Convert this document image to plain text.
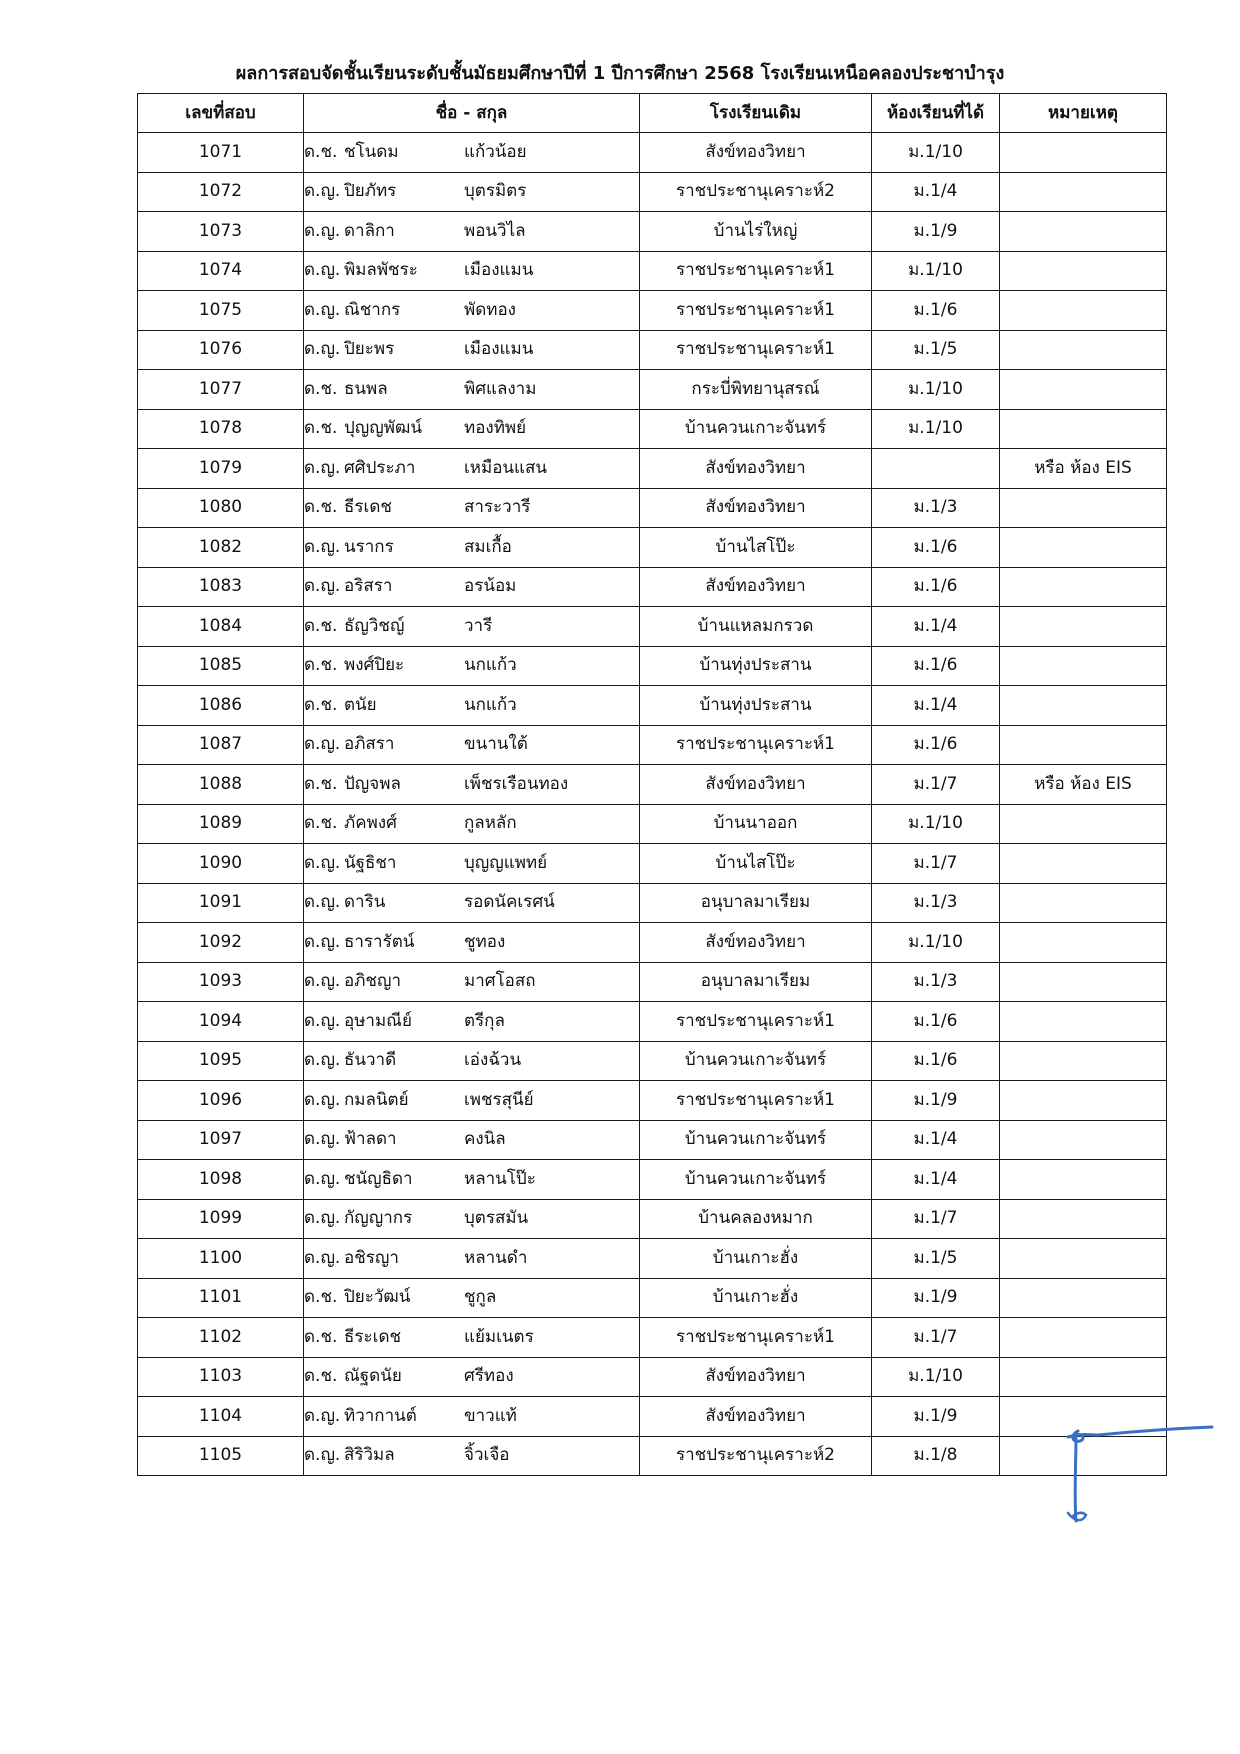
ผลการสอบจัดชั้นเรียนระดับชั้นมัธยมศึกษาปีที่ 1 ปีการศึกษา 2568 โรงเรียนเหนือคลองประชาบำรุง
เลขที่สอบ	ชื่อ - สกุล	โรงเรียนเดิม	ห้องเรียนที่ได้	หมายเหตุ
1071	ด.ช. ชโนดม แก้วน้อย	สังข์ทองวิทยา	ม.1/10	
1072	ด.ญ. ปิยภัทร บุตรมิตร	ราชประชานุเคราะห์2	ม.1/4	
1073	ด.ญ. ดาลิกา พอนวิไล	บ้านไร่ใหญ่	ม.1/9	
1074	ด.ญ. พิมลพัชระ เมืองแมน	ราชประชานุเคราะห์1	ม.1/10	
1075	ด.ญ. ณิชากร พัดทอง	ราชประชานุเคราะห์1	ม.1/6	
1076	ด.ญ. ปิยะพร เมืองแมน	ราชประชานุเคราะห์1	ม.1/5	
1077	ด.ช. ธนพล พิศแลงาม	กระบี่พิทยานุสรณ์	ม.1/10	
1078	ด.ช. ปุญญพัฒน์ ทองทิพย์	บ้านควนเกาะจันทร์	ม.1/10	
1079	ด.ญ. ศศิประภา เหมือนแสน	สังข์ทองวิทยา		หรือ ห้อง EIS
1080	ด.ช. ธีรเดช สาระวารี	สังข์ทองวิทยา	ม.1/3	
1082	ด.ญ. นรากร สมเกื้อ	บ้านไสโป๊ะ	ม.1/6	
1083	ด.ญ. อริสรา อรน้อม	สังข์ทองวิทยา	ม.1/6	
1084	ด.ช. ธัญวิชญ์ วารี	บ้านแหลมกรวด	ม.1/4	
1085	ด.ช. พงศ์ปิยะ นกแก้ว	บ้านทุ่งประสาน	ม.1/6	
1086	ด.ช. ตนัย นกแก้ว	บ้านทุ่งประสาน	ม.1/4	
1087	ด.ญ. อภิสรา ขนานใต้	ราชประชานุเคราะห์1	ม.1/6	
1088	ด.ช. ปัญจพล เพ็ชรเรือนทอง	สังข์ทองวิทยา	ม.1/7	หรือ ห้อง EIS
1089	ด.ช. ภัคพงศ์ กูลหลัก	บ้านนาออก	ม.1/10	
1090	ด.ญ. นัฐธิชา บุญญแพทย์	บ้านไสโป๊ะ	ม.1/7	
1091	ด.ญ. ดาริน รอดนัคเรศน์	อนุบาลมาเรียม	ม.1/3	
1092	ด.ญ. ธารารัตน์ ชูทอง	สังข์ทองวิทยา	ม.1/10	
1093	ด.ญ. อภิชญา มาศโอสถ	อนุบาลมาเรียม	ม.1/3	
1094	ด.ญ. อุษามณีย์ ตรีกุล	ราชประชานุเคราะห์1	ม.1/6	
1095	ด.ญ. ธันวาดี เอ่งฉ้วน	บ้านควนเกาะจันทร์	ม.1/6	
1096	ด.ญ. กมลนิตย์ เพชรสุนีย์	ราชประชานุเคราะห์1	ม.1/9	
1097	ด.ญ. ฟ้าลดา คงนิล	บ้านควนเกาะจันทร์	ม.1/4	
1098	ด.ญ. ชนัญธิดา หลานโป๊ะ	บ้านควนเกาะจันทร์	ม.1/4	
1099	ด.ญ. กัญญากร บุตรสมัน	บ้านคลองหมาก	ม.1/7	
1100	ด.ญ. อชิรญา หลานดำ	บ้านเกาะฮั่ง	ม.1/5	
1101	ด.ช. ปิยะวัฒน์ ชูกูล	บ้านเกาะฮั่ง	ม.1/9	
1102	ด.ช. ธีระเดช แย้มเนตร	ราชประชานุเคราะห์1	ม.1/7	
1103	ด.ช. ณัฐดนัย ศรีทอง	สังข์ทองวิทยา	ม.1/10	
1104	ด.ญ. ทิวากานต์ ขาวแท้	สังข์ทองวิทยา	ม.1/9	
1105	ด.ญ. สิริวิมล จิ้วเจือ	ราชประชานุเคราะห์2	ม.1/8	
